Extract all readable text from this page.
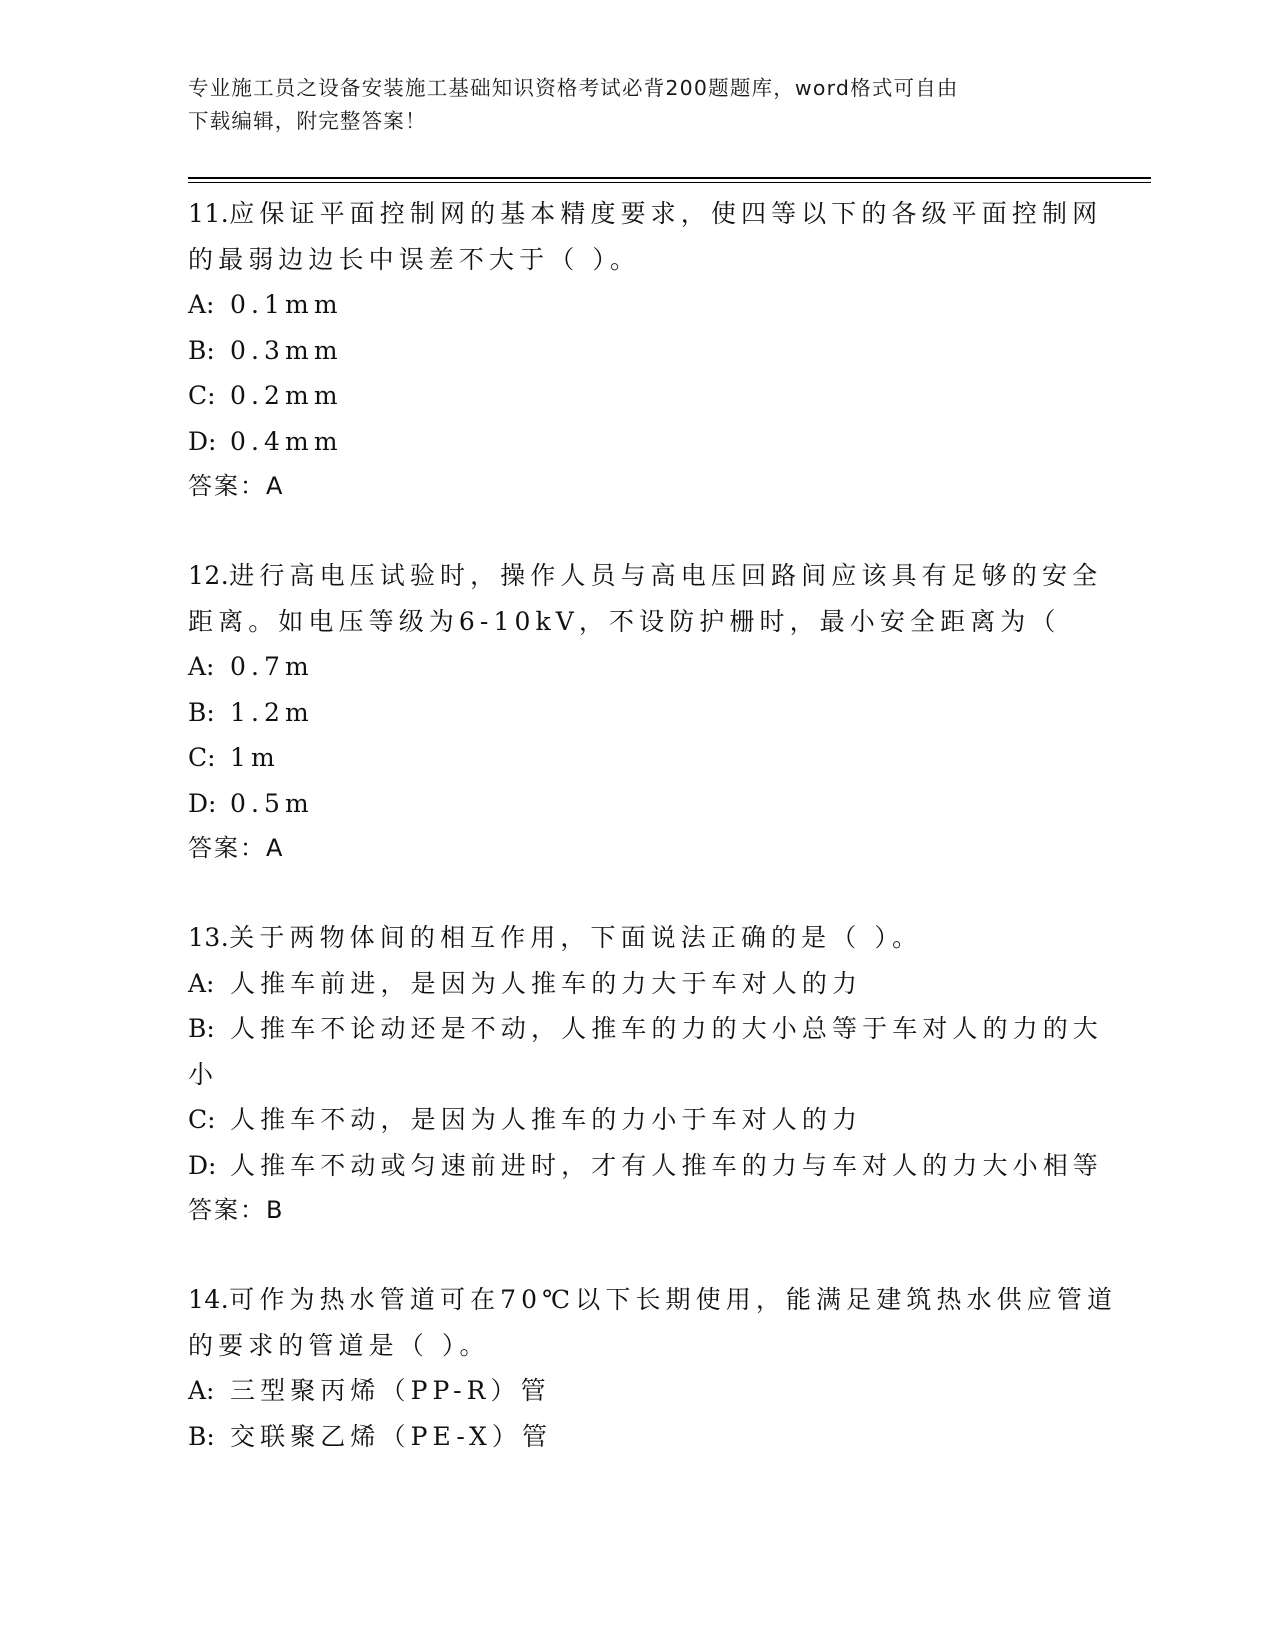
专业施工员之设备安装施工基础知识资格考试必背200题题库，word格式可自由
下载编辑，附完整答案！
11.应保证平面控制网的基本精度要求，使四等以下的各级平面控制网
的最弱边边长中误差不大于（ ）。
A: 0.1mm
B: 0.3mm
C: 0.2mm
D: 0.4mm
答案：A
12.进行高电压试验时，操作人员与高电压回路间应该具有足够的安全
距离。如电压等级为6-10kV，不设防护栅时，最小安全距离为（
A: 0.7m
B: 1.2m
C: 1m
D: 0.5m
答案：A
13.关于两物体间的相互作用，下面说法正确的是（ ）。
A: 人推车前进，是因为人推车的力大于车对人的力
B: 人推车不论动还是不动，人推车的力的大小总等于车对人的力的大
小
C: 人推车不动，是因为人推车的力小于车对人的力
D: 人推车不动或匀速前进时，才有人推车的力与车对人的力大小相等
答案：B
14.可作为热水管道可在70℃以下长期使用，能满足建筑热水供应管道
的要求的管道是（ ）。
A: 三型聚丙烯（PP-R）管
B: 交联聚乙烯（PE-X）管
